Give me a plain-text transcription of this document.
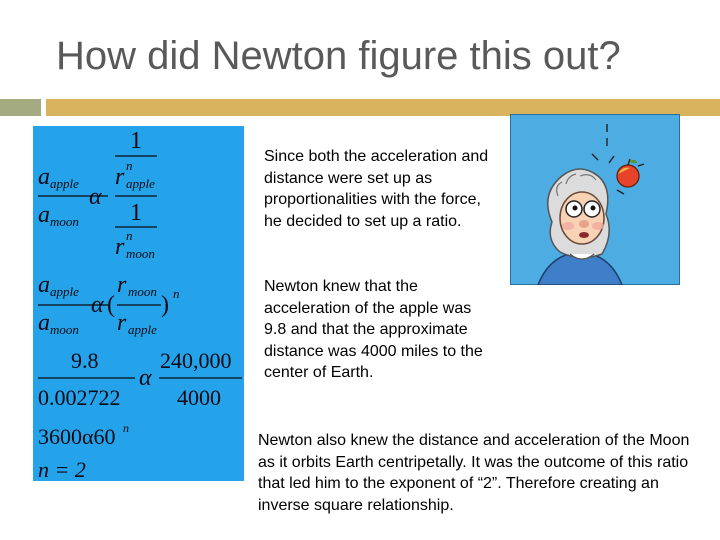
How did Newton figure this out?
a apple
a moon
α
1
n
r apple
1
n
r moon
a apple
a moon
α (
r moon
r apple
) n
9.8
0.002722
α
240,000
4000
3600α60 n
n = 2
Since both the acceleration and distance were set up as proportionalities with the force, he decided to set up a ratio.
Newton knew that the acceleration of the apple was 9.8 and that the approximate distance was 4000 miles to the center of Earth.
Newton also knew the distance and acceleration of the Moon as it orbits Earth centripetally. It was the outcome of this ratio that led him to the exponent of “2”. Therefore creating an inverse square relationship.
